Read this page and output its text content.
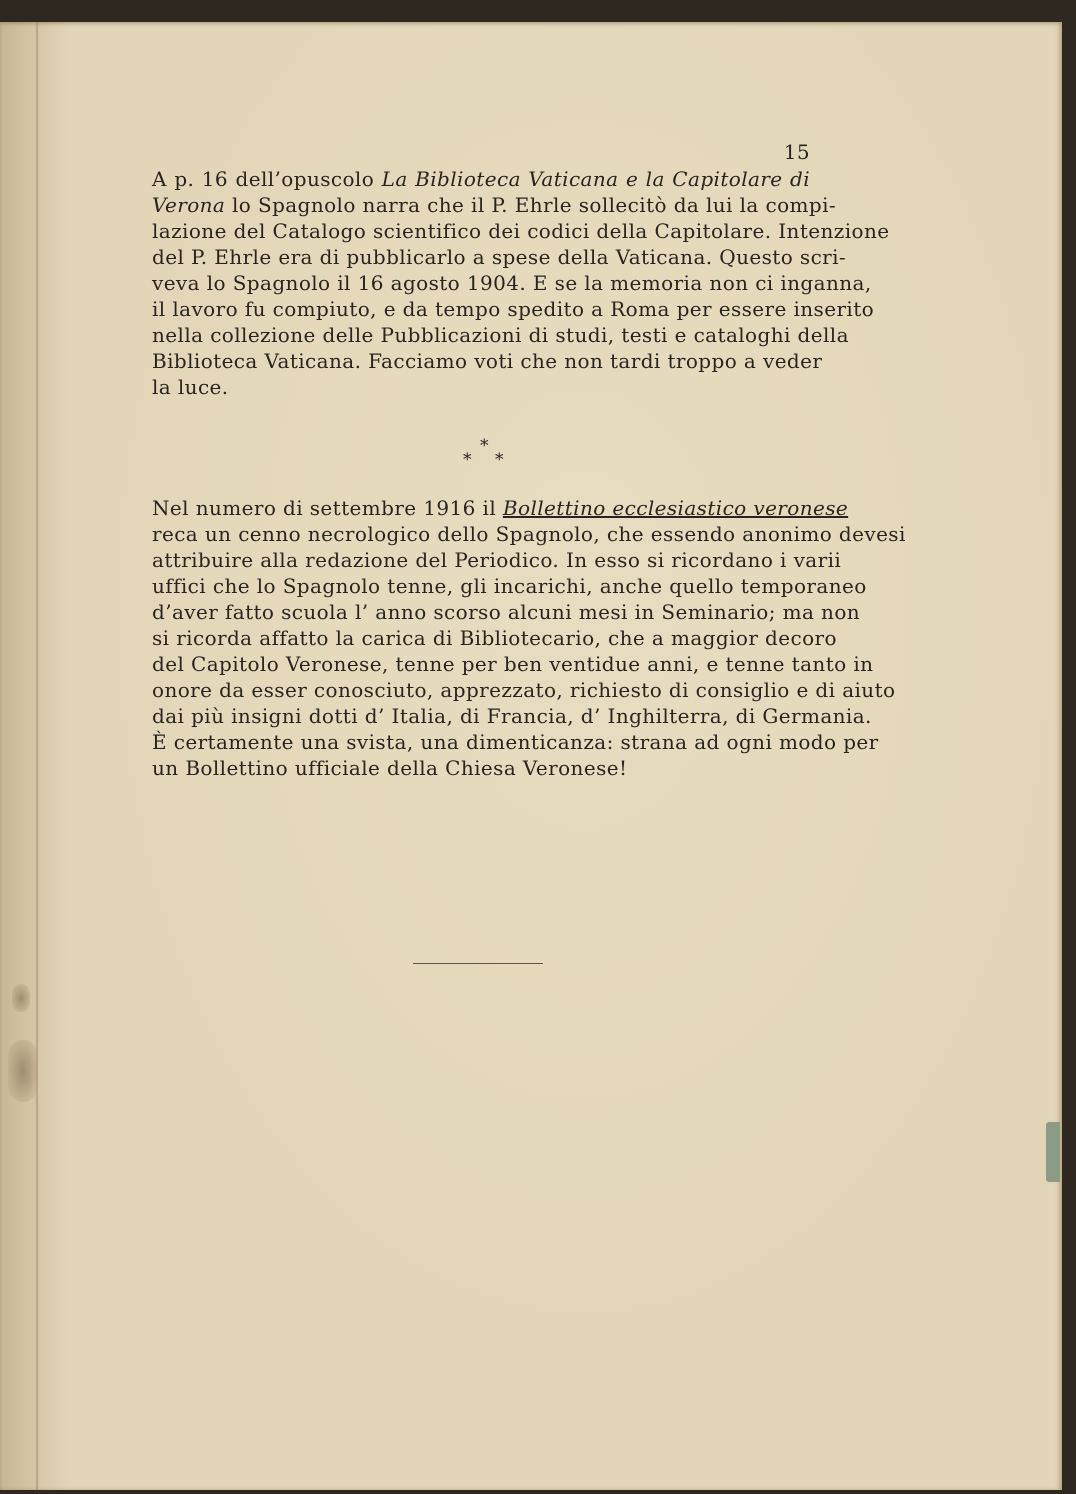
15
A p. 16 dell’opuscolo La Biblioteca Vaticana e la Capitolare di
Verona lo Spagnolo narra che il P. Ehrle sollecitò da lui la compi-
lazione del Catalogo scientifico dei codici della Capitolare. Intenzione
del P. Ehrle era di pubblicarlo a spese della Vaticana. Questo scri-
veva lo Spagnolo il 16 agosto 1904. E se la memoria non ci inganna,
il lavoro fu compiuto, e da tempo spedito a Roma per essere inserito
nella collezione delle Pubblicazioni di studi, testi e cataloghi della
Biblioteca Vaticana. Facciamo voti che non tardi troppo a veder
la luce.
*
* *
Nel numero di settembre 1916 il Bollettino ecclesiastico veronese
reca un cenno necrologico dello Spagnolo, che essendo anonimo devesi
attribuire alla redazione del Periodico. In esso si ricordano i varii
uffici che lo Spagnolo tenne, gli incarichi, anche quello temporaneo
d’aver fatto scuola l’ anno scorso alcuni mesi in Seminario; ma non
si ricorda affatto la carica di Bibliotecario, che a maggior decoro
del Capitolo Veronese, tenne per ben ventidue anni, e tenne tanto in
onore da esser conosciuto, apprezzato, richiesto di consiglio e di aiuto
dai più insigni dotti d’ Italia, di Francia, d’ Inghilterra, di Germania.
È certamente una svista, una dimenticanza: strana ad ogni modo per
un Bollettino ufficiale della Chiesa Veronese!
